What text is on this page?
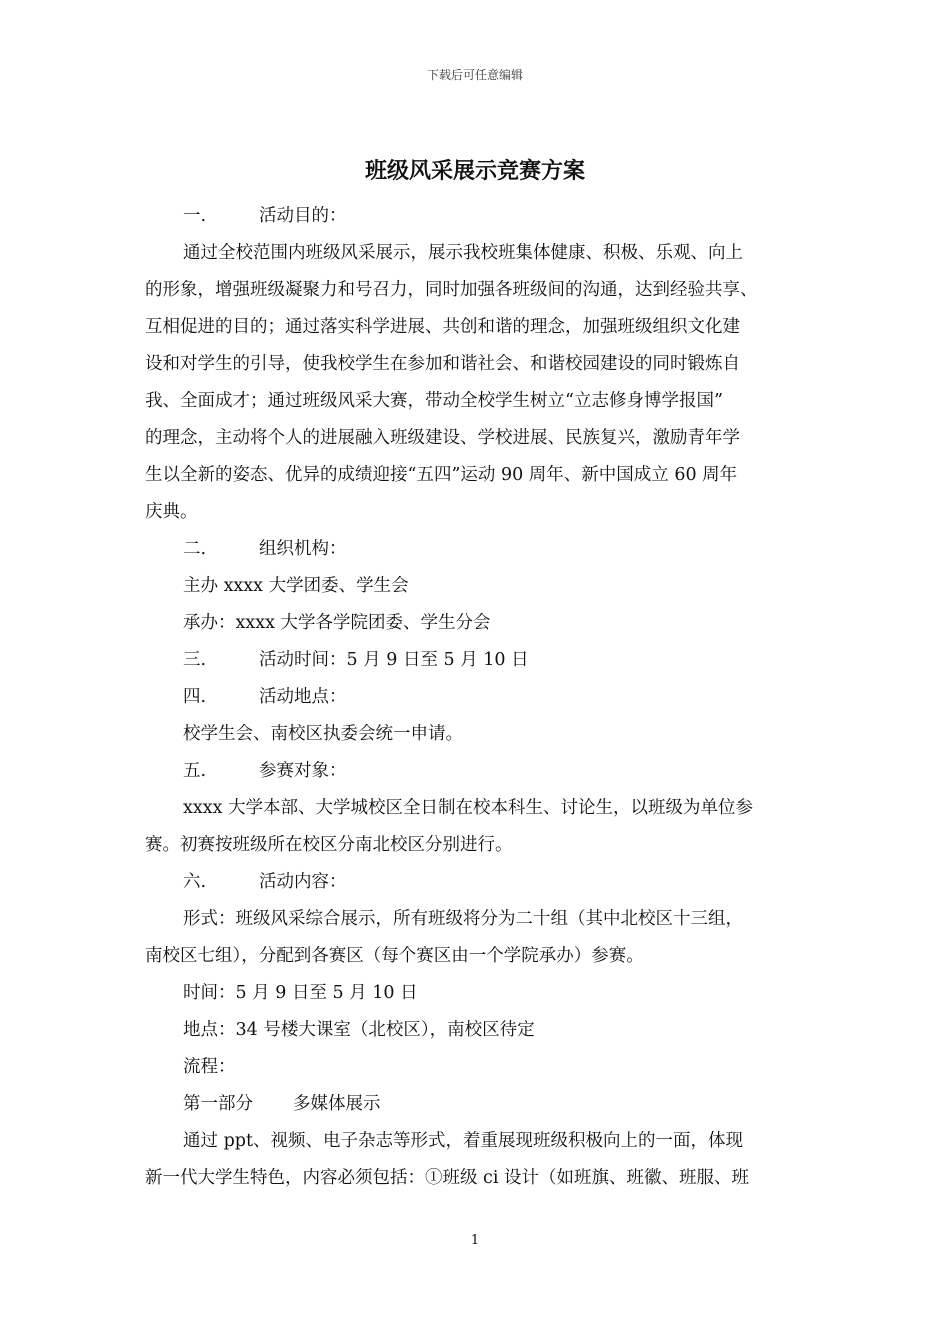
下载后可任意编辑
班级风采展示竞赛方案
一.	活动目的：
通过全校范围内班级风采展示，展示我校班集体健康、积极、乐观、向上
的形象，增强班级凝聚力和号召力，同时加强各班级间的沟通，达到经验共享、
互相促进的目的；通过落实科学进展、共创和谐的理念，加强班级组织文化建
设和对学生的引导，使我校学生在参加和谐社会、和谐校园建设的同时锻炼自
我、全面成才；通过班级风采大赛，带动全校学生树立“立志修身博学报国”
的理念，主动将个人的进展融入班级建设、学校进展、民族复兴，激励青年学
生以全新的姿态、优异的成绩迎接“五四”运动 90 周年、新中国成立 60 周年
庆典。
二.	组织机构：
主办 xxxx 大学团委、学生会
承办：xxxx 大学各学院团委、学生分会
三.	活动时间：5 月 9 日至 5 月 10 日
四.	活动地点：
校学生会、南校区执委会统一申请。
五.	参赛对象：
xxxx 大学本部、大学城校区全日制在校本科生、讨论生，以班级为单位参
赛。初赛按班级所在校区分南北校区分别进行。
六.	活动内容：
形式：班级风采综合展示，所有班级将分为二十组（其中北校区十三组，
南校区七组），分配到各赛区（每个赛区由一个学院承办）参赛。
时间：5 月 9 日至 5 月 10 日
地点：34 号楼大课室（北校区），南校区待定
流程：
第一部分 多媒体展示
通过 ppt、视频、电子杂志等形式，着重展现班级积极向上的一面，体现
新一代大学生特色，内容必须包括：①班级 ci 设计（如班旗、班徽、班服、班
1
